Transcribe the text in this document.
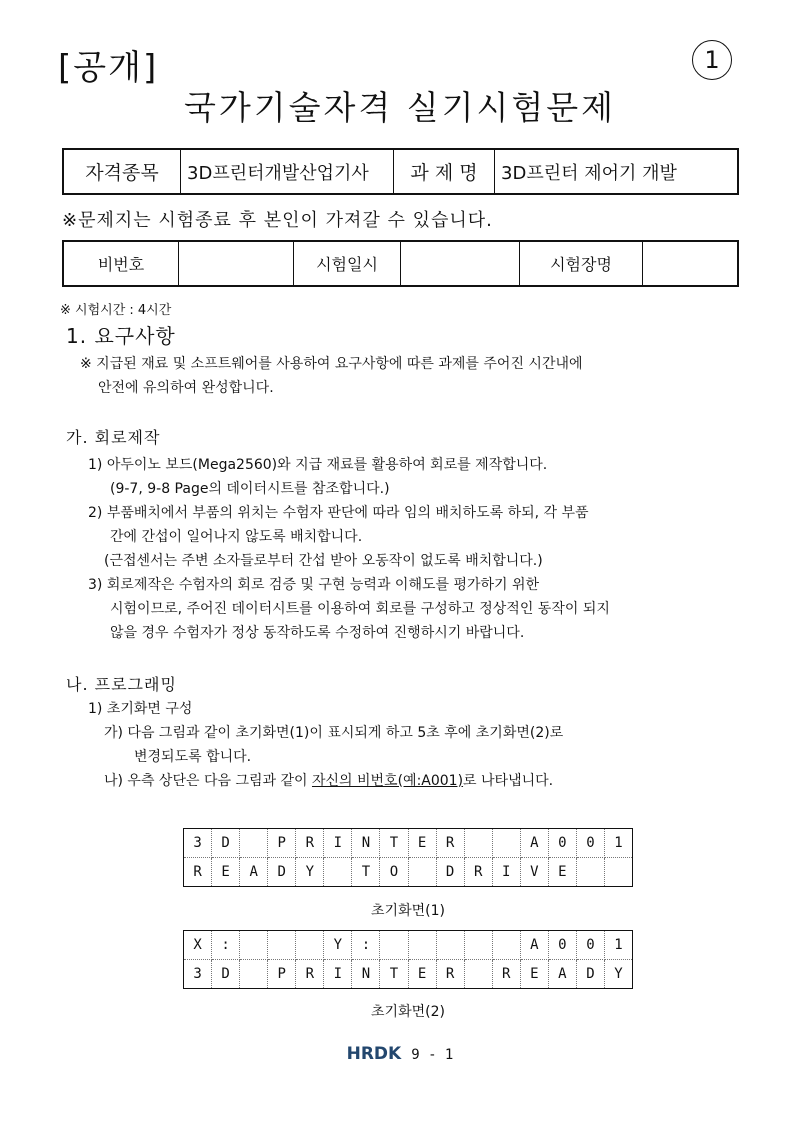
[공개]	1
국가기술자격 실기시험문제
자격종목	3D프린터개발산업기사	과 제 명	3D프린터 제어기 개발
※문제지는 시험종료 후 본인이 가져갈 수 있습니다.
비번호		시험일시		시험장명	
※ 시험시간 : 4시간
1. 요구사항
※ 지급된 재료 및 소프트웨어를 사용하여 요구사항에 따른 과제를 주어진 시간내에
안전에 유의하여 완성합니다.
가. 회로제작
1) 아두이노 보드(Mega2560)와 지급 재료를 활용하여 회로를 제작합니다.
(9-7, 9-8 Page의 데이터시트를 참조합니다.)
2) 부품배치에서 부품의 위치는 수험자 판단에 따라 임의 배치하도록 하되, 각 부품
간에 간섭이 일어나지 않도록 배치합니다.
(근접센서는 주변 소자들로부터 간섭 받아 오동작이 없도록 배치합니다.)
3) 회로제작은 수험자의 회로 검증 및 구현 능력과 이해도를 평가하기 위한
시험이므로, 주어진 데이터시트를 이용하여 회로를 구성하고 정상적인 동작이 되지
않을 경우 수험자가 정상 동작하도록 수정하여 진행하시기 바랍니다.
나. 프로그래밍
1) 초기화면 구성
가) 다음 그림과 같이 초기화면(1)이 표시되게 하고 5초 후에 초기화면(2)로
변경되도록 합니다.
나) 우측 상단은 다음 그림과 같이 자신의 비번호(예:A001)로 나타냅니다.
3	D		P	R	I	N	T	E	R			A	0	0	1
R	E	A	D	Y		T	O		D	R	I	V	E		
초기화면(1)
X	:				Y	:						A	0	0	1
3	D		P	R	I	N	T	E	R		R	E	A	D	Y
초기화면(2)
HRDK 9 - 1
